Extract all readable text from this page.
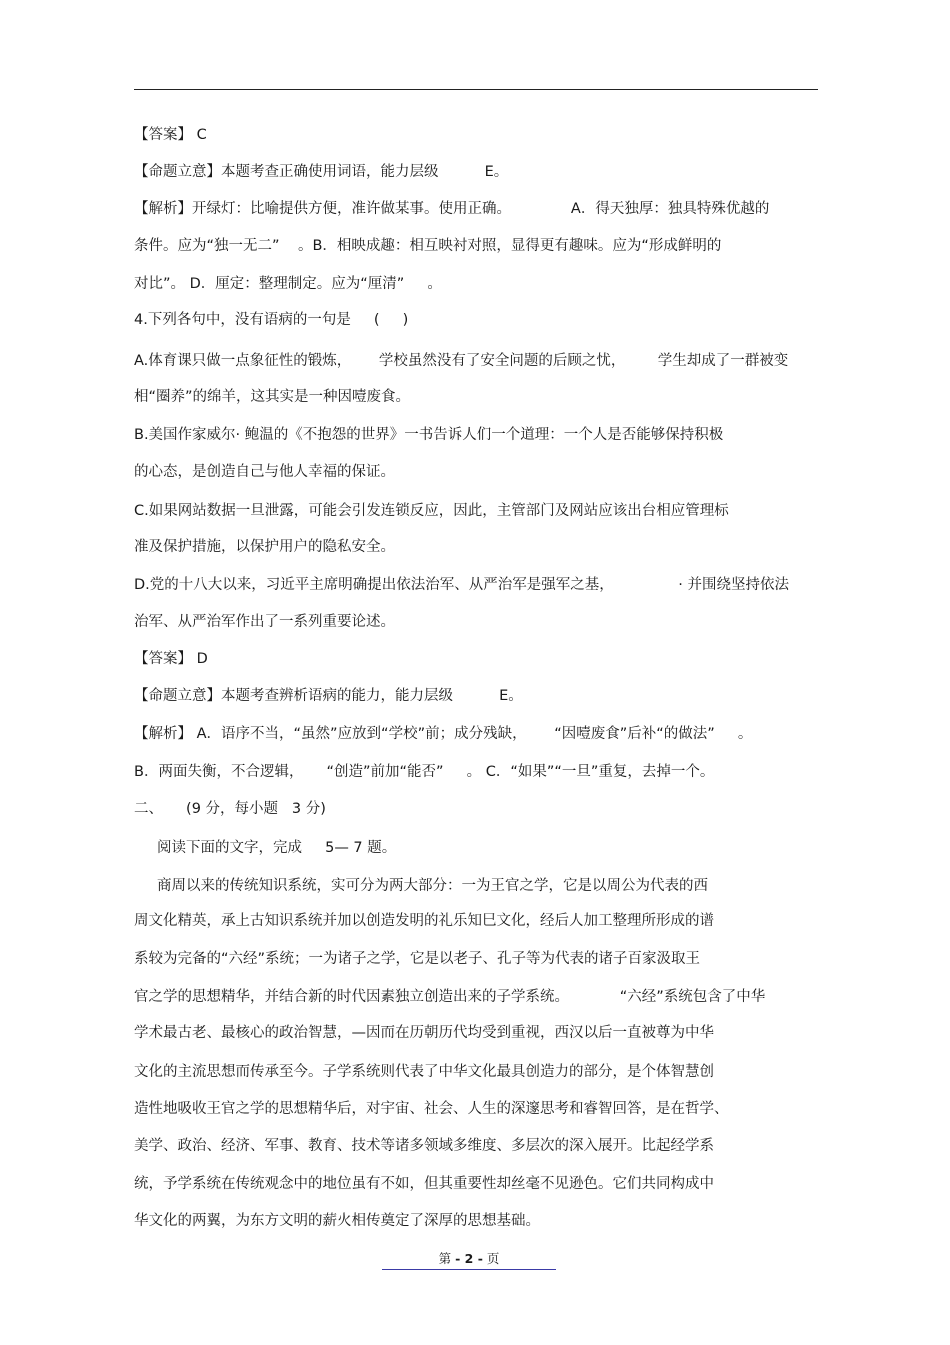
【答案】 C
【命题立意】本题考查正确使用词语，能力层级          E。
【解析】开绿灯：比喻提供方便，准许做某事。使用正确。             A．得天独厚：独具特殊优越的
条件。应为“独一无二”    。B．相映成趣：相互映衬对照，显得更有趣味。应为“形成鲜明的
对比”。 D．厘定：整理制定。应为“厘清”     。
4.下列各句中，没有语病的一句是     (     )
A.体育课只做一点象征性的锻炼，      学校虽然没有了安全问题的后顾之忧，       学生却成了一群被变
相“圈养”的绵羊，这其实是一种因噎废食。
B.美国作家威尔· 鲍温的《不抱怨的世界》一书告诉人们一个道理：一个人是否能够保持积极
的心态，是创造自己与他人幸福的保证。
C.如果网站数据一旦泄露，可能会引发连锁反应，因此，主管部门及网站应该出台相应管理标
准及保护措施，以保护用户的隐私安全。
D.党的十八大以来，习近平主席明确提出依法治军、从严治军是强军之基，              · 并围绕坚持依法
治军、从严治军作出了一系列重要论述。
【答案】 D
【命题立意】本题考查辨析语病的能力，能力层级          E。
【解析】 A．语序不当，“虽然”应放到“学校”前；成分残缺，      “因噎废食”后补“的做法”     。
B．两面失衡，不合逻辑，     “创造”前加“能否”     。 C．“如果”“一旦”重复，去掉一个。
二、     (9 分，每小题   3 分)
阅读下面的文字，完成     5— 7 题。
商周以来的传统知识系统，实可分为两大部分：一为王官之学，它是以周公为代表的西
周文化精英，承上古知识系统并加以创造发明的礼乐知巳文化，经后人加工整理所形成的谱
系较为完备的“六经”系统；一为诸子之学，它是以老子、孔子等为代表的诸子百家汲取王
官之学的思想精华，并结合新的时代因素独立创造出来的子学系统。           “六经”系统包含了中华
学术最古老、最核心的政治智慧，—因而在历朝历代均受到重视，西汉以后一直被尊为中华
文化的主流思想而传承至今。子学系统则代表了中华文化最具创造力的部分，是个体智慧创
造性地吸收王官之学的思想精华后，对宇宙、社会、人生的深邃思考和睿智回答，是在哲学、
美学、政治、经济、军事、教育、技术等诸多领域多维度、多层次的深入展开。比起经学系
统，予学系统在传统观念中的地位虽有不如，但其重要性却丝毫不见逊色。它们共同构成中
华文化的两翼，为东方文明的薪火相传奠定了深厚的思想基础。
第 - 2 - 页
